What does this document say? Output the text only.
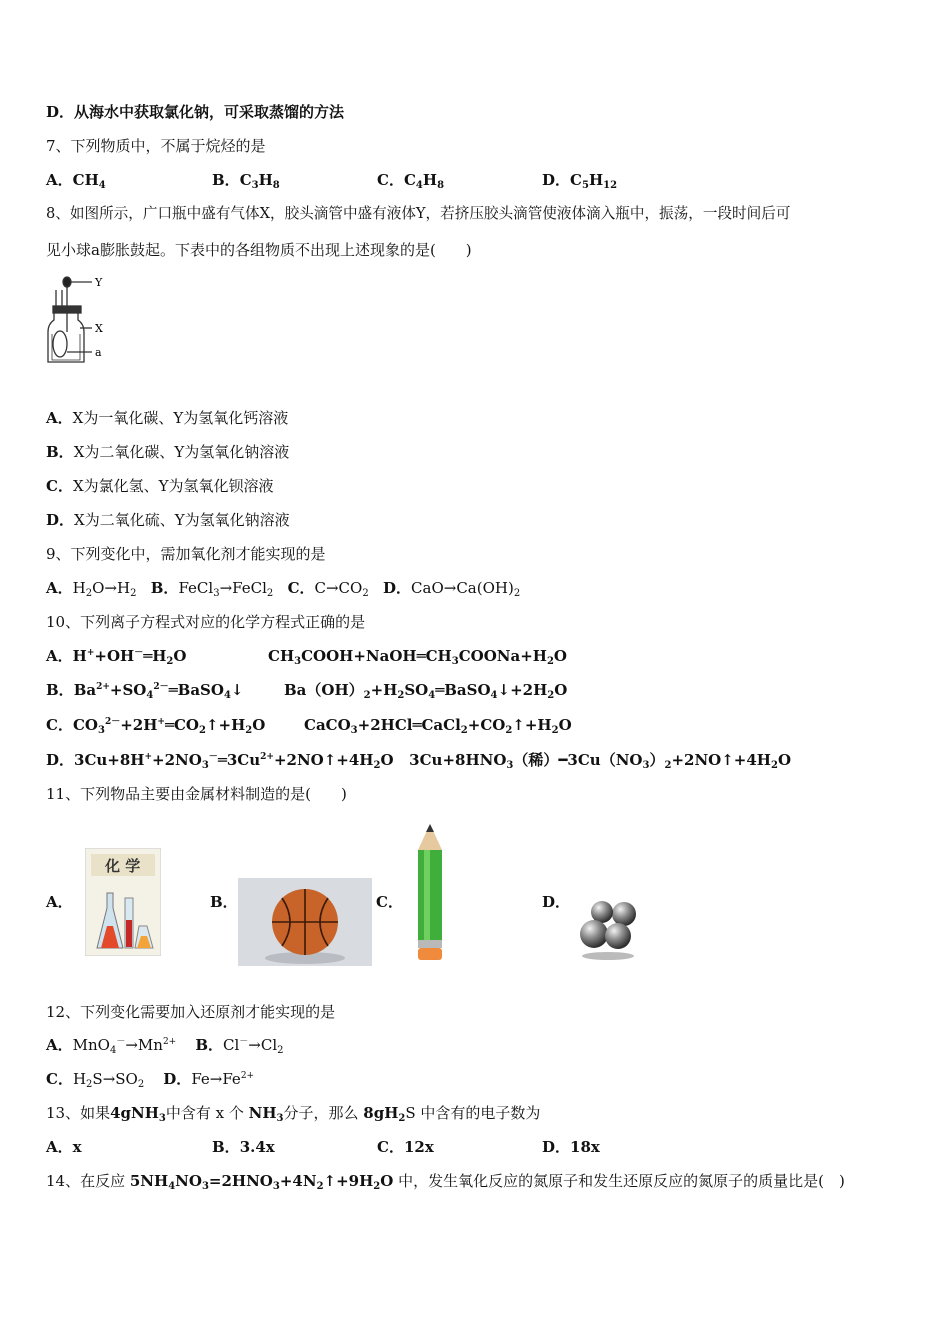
D．从海水中获取氯化钠，可采取蒸馏的方法
7、下列物质中，不属于烷烃的是
A．$CH_4$	B．$C_3H_8$	C．$C_4H_8$	D．$C_5H_{12}$
8、如图所示，广口瓶中盛有气体X，胶头滴管中盛有液体Y，若挤压胶头滴管使液体滴入瓶中，振荡，一段时间后可
见小球a膨胀鼓起。下表中的各组物质不出现上述现象的是(　　)
Y
X
a
A．X为一氧化碳、Y为氢氧化钙溶液
B．X为二氧化碳、Y为氢氧化钠溶液
C．X为氯化氢、Y为氢氧化钡溶液
D．X为二氧化硫、Y为氢氧化钠溶液
9、下列变化中，需加氧化剂才能实现的是
A．$H_2O\to H_2$ B．FeCl$_3$→FeCl$_2$ C．$C\to CO_2$ D．$CaO\to Ca(OH)_2$
10、下列离子方程式对应的化学方程式正确的是
A．$H^++OH^-═H_2O$	$CH_3COOH+NaOH═CH_3COONa+H_2O$
B．$Ba^{2+}+SO_4^{2-}═BaSO_4↓$	$Ba(OH)_2+H_2SO_4═BaSO_4↓+2H_2O$
C．$CO_3^{2-}+2H^+═CO_2↑+H_2O$	$CaCO_3+2HCl═CaCl_2+CO_2↑+H_2O$
D．$3Cu+8H^++2NO_3^-═3Cu^{2+}+2NO↑+4H_2O$   $3Cu+8HNO_3$（稀）$━3Cu(NO_3)_2+2NO↑+4H_2O$
11、下列物品主要由金属材料制造的是(　　)
A．
化 学
B．	C．	D．
12、下列变化需要加入还原剂才能实现的是
A．$MnO_4^-\to Mn^{2+}$ B．$Cl^-\to Cl_2$
C．$H_2S\to SO_2$ D．$Fe\to Fe^{2+}$
13、如果4gNH$_3$中含有 x 个 $NH_3$分子，那么 $8gH_2S$ 中含有的电子数为
A．x	B．3.4x	C．12x	D．18x
14、在反应 $5NH_4NO_3=2HNO_3+4N_2↑+9H_2O$ 中，发生氧化反应的氮原子和发生还原反应的氮原子的质量比是(　)
